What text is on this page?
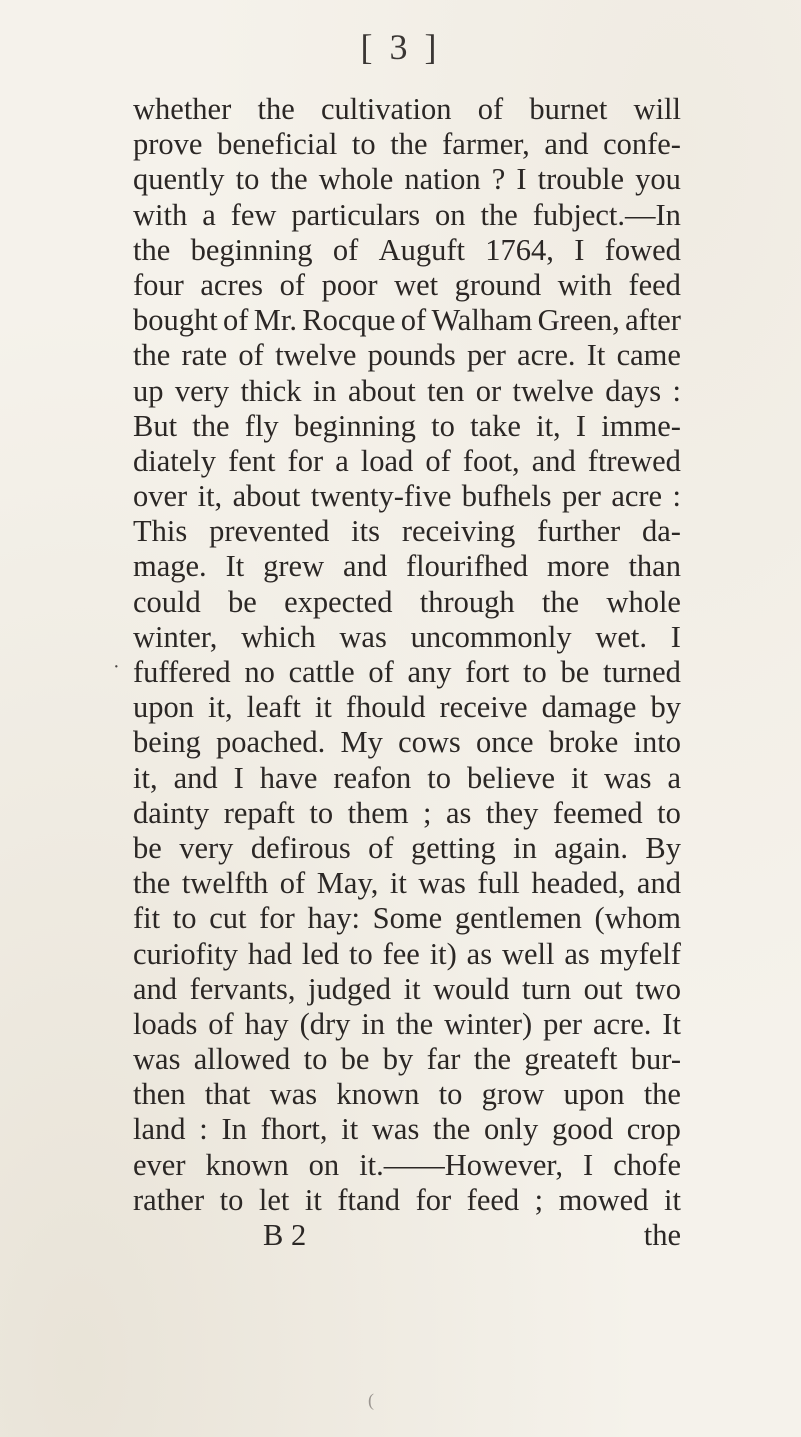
[ 3 ]
·
whether the cultivation of burnet will
prove beneficial to the farmer, and confe-
quently to the whole nation ? I trouble you
with a few particulars on the fubject.—In
the beginning of Auguft 1764, I fowed
four acres of poor wet ground with feed
bought of Mr. Rocque of Walham Green, after
the rate of twelve pounds per acre. It came
up very thick in about ten or twelve days :
But the fly beginning to take it, I imme-
diately fent for a load of foot, and ftrewed
over it, about twenty-five bufhels per acre :
This prevented its receiving further da-
mage. It grew and flourifhed more than
could be expected through the whole
winter, which was uncommonly wet. I
fuffered no cattle of any fort to be turned
upon it, leaft it fhould receive damage by
being poached. My cows once broke into
it, and I have reafon to believe it was a
dainty repaft to them ; as they feemed to
be very defirous of getting in again. By
the twelfth of May, it was full headed, and
fit to cut for hay: Some gentlemen (whom
curiofity had led to fee it) as well as myfelf
and fervants, judged it would turn out two
loads of hay (dry in the winter) per acre. It
was allowed to be by far the greateft bur-
then that was known to grow upon the
land : In fhort, it was the only good crop
ever known on it.——However, I chofe
rather to let it ftand for feed ; mowed it
B 2	the
(
